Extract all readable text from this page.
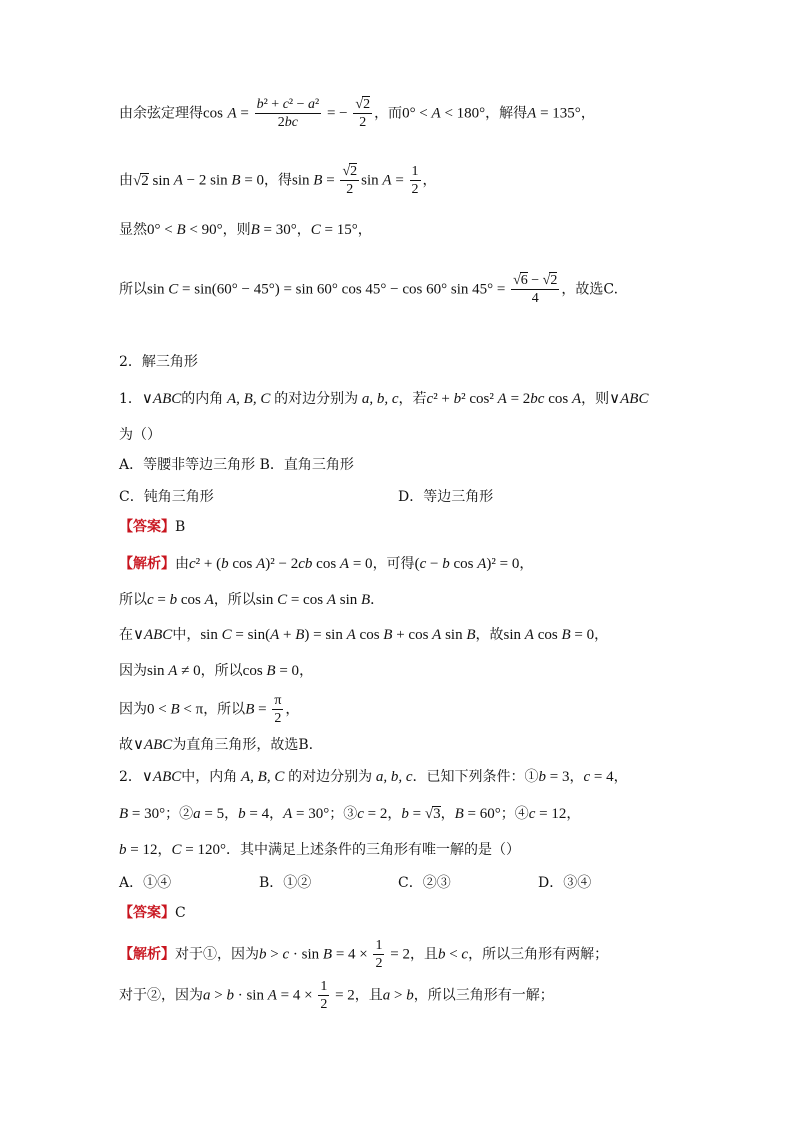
由余弦定理得$\cos A = \frac{\text{b² + c² − a²}}{2bc}$ = − $\frac{√2}{2}$ ，而0° < A < 180°，解得A = 135°，
由√2 sin A − 2 sin B = 0，得$\sin B = \frac{√2}{2}$ $\sin A = \frac{1}{2}$ ，
显然0° < B < 90°，则B = 30°，C = 15°，
所以sin C = sin(60° − 45°) = sin 60° cos 45° − cos 60° $\sin 45^\circ = \frac{√6 - √2}{4}$ ，故选C.
2．解三角形
1．∨ABC的内角 A, B, C 的对边分别为 a, b, c，若c² + b² cos² A = 2bc cos A，则∨ABC
为（）
A．等腰非等边三角形 B．直角三角形
C．钝角三角形	D．等边三角形
【答案】B
【解析】由c² + (b cos A)² − 2cb cos A = 0，可得(c − b cos A)² = 0，
所以c = b cos A，所以sin C = cos A sin B．
在∨ABC中，sin C = sin(A + B) = sin A cos B + cos A sin B，故sin A cos B = 0，
因为sin A ≠ 0，所以cos B = 0，
因为0 < B < π，所以$B = \frac{\pi}{2}$ ，
故∨ABC为直角三角形，故选B.
2．∨ABC中，内角 A, B, C 的对边分别为 a, b, c．已知下列条件：①b = 3，c = 4，
B = 30°；②a = 5，b = 4，A = 30°；③c = 2，b = √3，B = 60°；④c = 12，
b = 12，C = 120°．其中满足上述条件的三角形有唯一解的是（）
A．①④	B．①②	C．②③	D．③④
【答案】C
【解析】对于①，因为$b > c \cdot \sin B = 4 \times \frac{1}{2} = 2$，且b < c，所以三角形有两解；
对于②，因为$a > b \cdot \sin A = 4 \times \frac{1}{2} = 2$，且a > b，所以三角形有一解；
